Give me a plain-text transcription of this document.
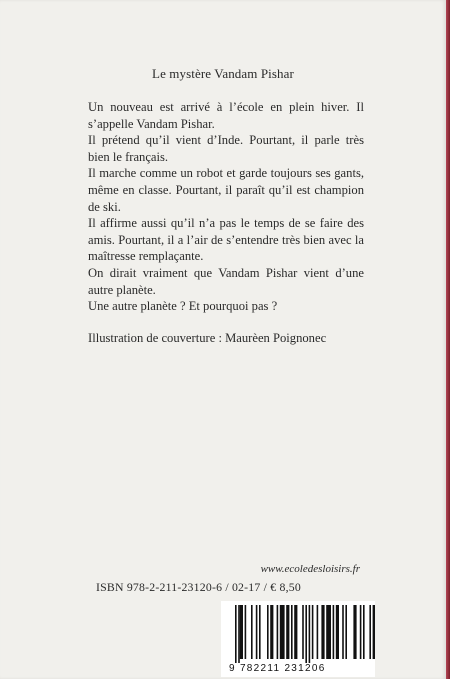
Le mystère Vandam Pishar

Un nouveau est arrivé à l’école en plein hiver. Il s’appelle Vandam Pishar.

Il prétend qu’il vient d’Inde. Pourtant, il parle très bien le français.

Il marche comme un robot et garde toujours ses gants, même en classe. Pourtant, il paraît qu’il est champion de ski.

Il affirme aussi qu’il n’a pas le temps de se faire des amis. Pourtant, il a l’air de s’entendre très bien avec la maîtresse remplaçante.

On dirait vraiment que Vandam Pishar vient d’une autre planète.

Une autre planète ? Et pourquoi pas ?

Illustration de couverture : Maurèen Poignonec
www.ecoledesloisirs.fr
ISBN 978-2-211-23120-6 / 02-17 / € 8,50
9 782211 231206
